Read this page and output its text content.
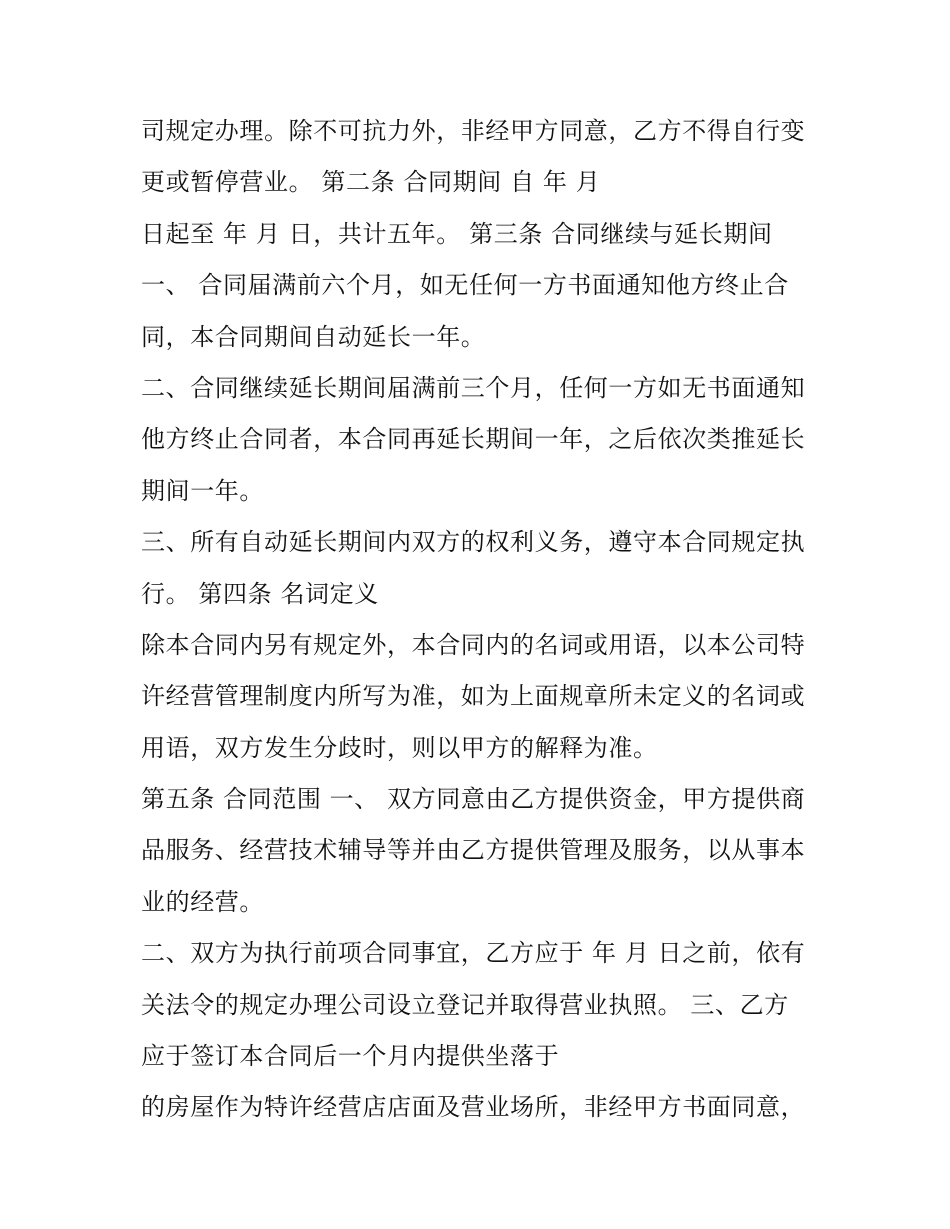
司规定办理。除不可抗力外，非经甲方同意，乙方不得自行变
更或暂停营业。 第二条 合同期间 自 年 月
日起至 年 月 日，共计五年。 第三条 合同继续与延长期间
一、 合同届满前六个月，如无任何一方书面通知他方终止合
同，本合同期间自动延长一年。
二、合同继续延长期间届满前三个月，任何一方如无书面通知
他方终止合同者，本合同再延长期间一年，之后依次类推延长
期间一年。
三、所有自动延长期间内双方的权利义务，遵守本合同规定执
行。 第四条 名词定义
除本合同内另有规定外，本合同内的名词或用语，以本公司特
许经营管理制度内所写为准，如为上面规章所未定义的名词或
用语，双方发生分歧时，则以甲方的解释为准。
第五条 合同范围 一、 双方同意由乙方提供资金，甲方提供商
品服务、经营技术辅导等并由乙方提供管理及服务，以从事本
业的经营。
二、双方为执行前项合同事宜，乙方应于 年 月 日之前，依有
关法令的规定办理公司设立登记并取得营业执照。 三、乙方
应于签订本合同后一个月内提供坐落于
的房屋作为特许经营店店面及营业场所，非经甲方书面同意，
